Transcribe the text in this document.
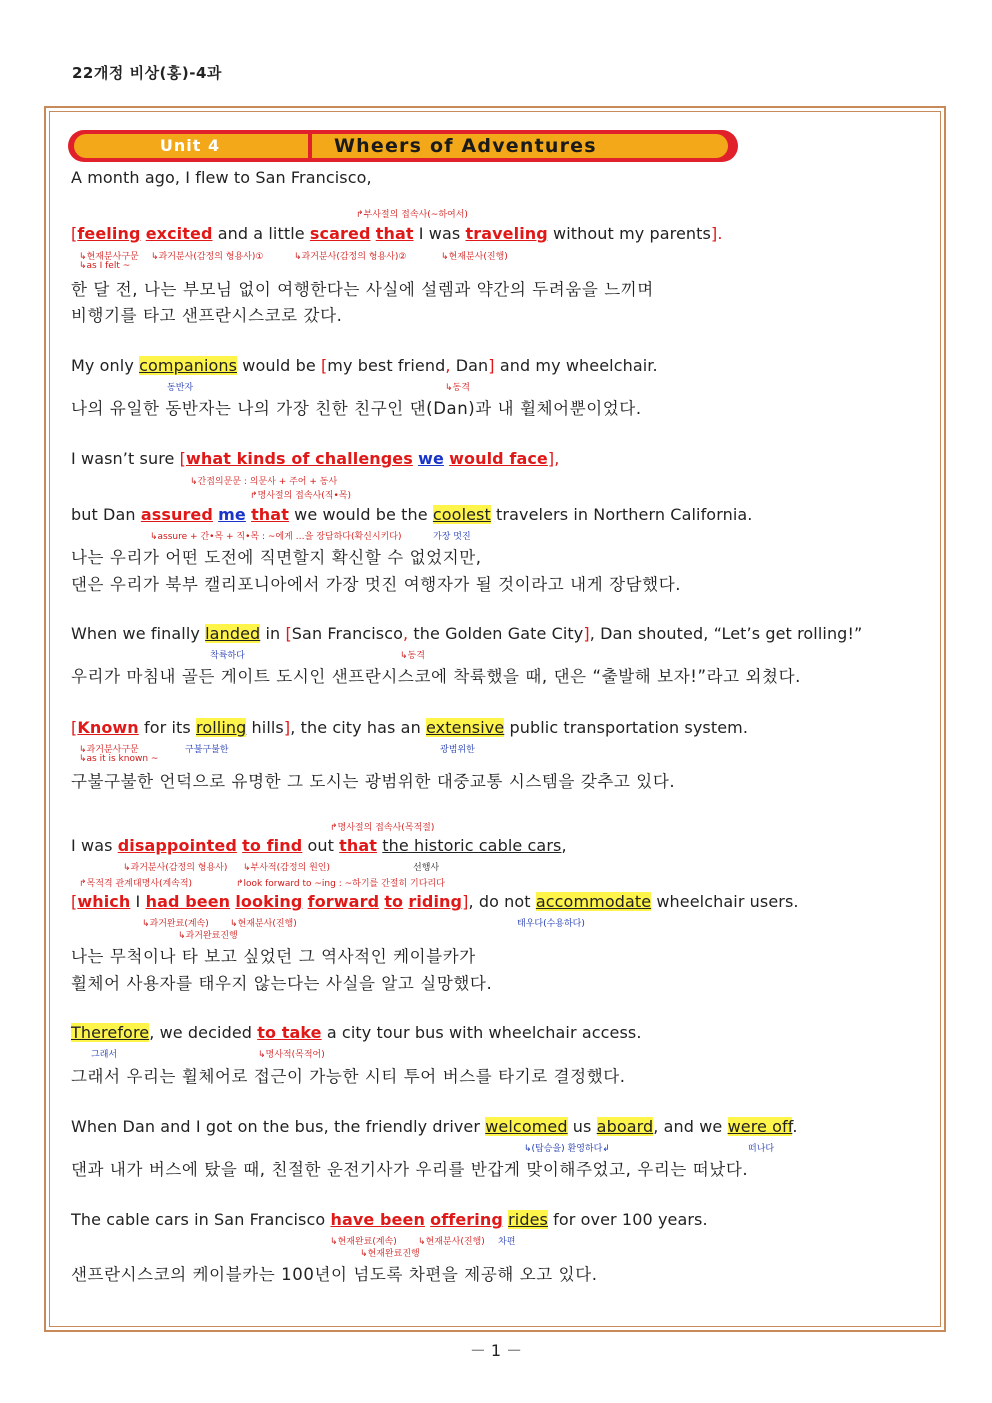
22개정 비상(홍)-4과
Unit 4	Wheers of Adventures
A month ago, I flew to San Francisco,
↱부사절의 접속사(~하여서)
[feeling excited and a little scared that I was traveling without my parents].
↳현재분사구문
↳as I felt ~
↳과거분사(감정의 형용사)①	↳과거분사(감정의 형용사)②	↳현재분사(진행)
한 달 전, 나는 부모님 없이 여행한다는 사실에 설렘과 약간의 두려움을 느끼며
비행기를 타고 샌프란시스코로 갔다.
My only companions would be [my best friend, Dan] and my wheelchair.
동반자	↳동격
나의 유일한 동반자는 나의 가장 친한 친구인 댄(Dan)과 내 휠체어뿐이었다.
I wasn’t sure [what kinds of challenges we would face],
↳간접의문문 : 의문사 + 주어 + 동사
↱명사절의 접속사(직•목)
but Dan assured me that we would be the coolest travelers in Northern California.
↳assure + 간•목 + 직•목 : ~에게 …을 장담하다(확신시키다)	가장 멋진
나는 우리가 어떤 도전에 직면할지 확신할 수 없었지만,
댄은 우리가 북부 캘리포니아에서 가장 멋진 여행자가 될 것이라고 내게 장담했다.
When we finally landed in [San Francisco, the Golden Gate City], Dan shouted, “Let’s get rolling!”
착륙하다	↳동격
우리가 마침내 골든 게이트 도시인 샌프란시스코에 착륙했을 때, 댄은 “출발해 보자!”라고 외쳤다.
[Known for its rolling hills], the city has an extensive public transportation system.
↳과거분사구문
↳as it is known ~
구불구불한	광범위한
구불구불한 언덕으로 유명한 그 도시는 광범위한 대중교통 시스템을 갖추고 있다.
↱명사절의 접속사(목적절)
I was disappointed to find out that the historic cable cars,
↳과거분사(감정의 형용사) ↳부사적(감정의 원인)	선행사
↱목적격 관계대명사(계속적)	↱look forward to ~ing : ~하기를 간절히 기다리다
[which I had been looking forward to riding], do not accommodate wheelchair users.
↳과거완료(계속) ↳현재분사(진행)
↳과거완료진행
태우다(수용하다)
나는 무척이나 타 보고 싶었던 그 역사적인 케이블카가
휠체어 사용자를 태우지 않는다는 사실을 알고 실망했다.
Therefore, we decided to take a city tour bus with wheelchair access.
그래서	↳명사적(목적어)
그래서 우리는 휠체어로 접근이 가능한 시티 투어 버스를 타기로 결정했다.
When Dan and I got on the bus, the friendly driver welcomed us aboard, and we were off.
↳(탑승을) 환영하다↲	떠나다
댄과 내가 버스에 탔을 때, 친절한 운전기사가 우리를 반갑게 맞이해주었고, 우리는 떠났다.
The cable cars in San Francisco have been offering rides for over 100 years.
↳현재완료(계속) ↳현재분사(진행) 차편
↳현재완료진행
샌프란시스코의 케이블카는 100년이 넘도록 차편을 제공해 오고 있다.
－ 1 －
